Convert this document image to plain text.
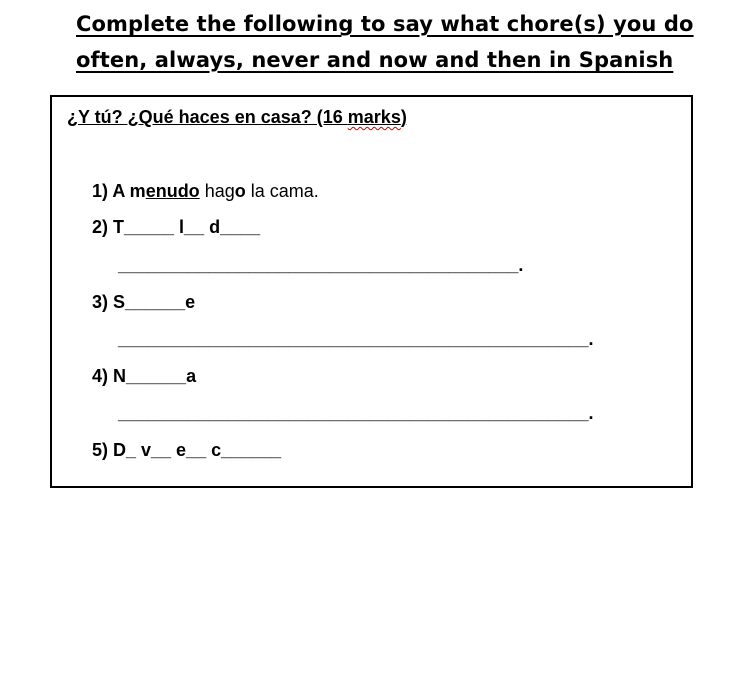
Complete the following to say what chore(s) you do
often, always, never and now and then in Spanish
¿Y tú? ¿Qué haces en casa? (16 marks)
1) A menudo hago la cama.
2) T_____ l__ d____
________________________________________.
3) S______e
_______________________________________________.
4) N______a
_______________________________________________.
5) D_ v__ e__ c______
